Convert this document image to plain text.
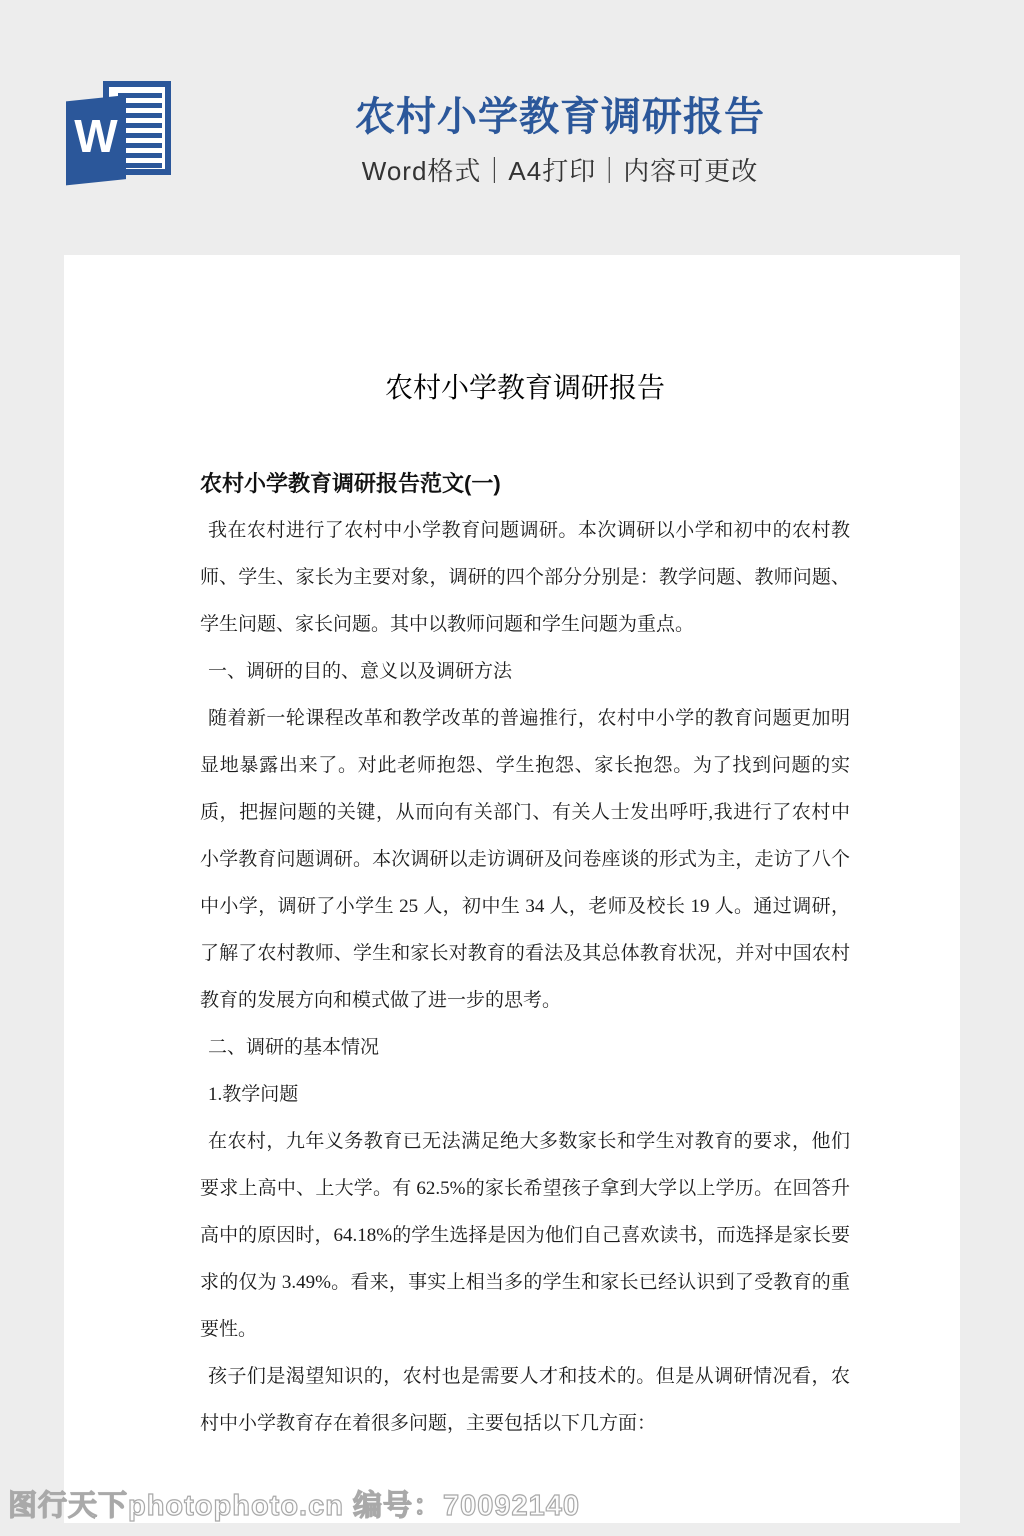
W	农村小学教育调研报告
Word格式｜A4打印｜内容可更改
农村小学教育调研报告
农村小学教育调研报告范文(一)

我在农村进行了农村中小学教育问题调研。本次调研以小学和初中的农村教师、学生、家长为主要对象，调研的四个部分分别是：教学问题、教师问题、学生问题、家长问题。其中以教师问题和学生问题为重点。

一、调研的目的、意义以及调研方法

随着新一轮课程改革和教学改革的普遍推行，农村中小学的教育问题更加明显地暴露出来了。对此老师抱怨、学生抱怨、家长抱怨。为了找到问题的实质，把握问题的关键，从而向有关部门、有关人士发出呼吁,我进行了农村中小学教育问题调研。本次调研以走访调研及问卷座谈的形式为主，走访了八个中小学，调研了小学生 25 人，初中生 34 人，老师及校长 19 人。通过调研，了解了农村教师、学生和家长对教育的看法及其总体教育状况，并对中国农村教育的发展方向和模式做了进一步的思考。

二、调研的基本情况

1.教学问题

在农村，九年义务教育已无法满足绝大多数家长和学生对教育的要求，他们要求上高中、上大学。有 62.5%的家长希望孩子拿到大学以上学历。在回答升高中的原因时，64.18%的学生选择是因为他们自己喜欢读书，而选择是家长要求的仅为 3.49%。看来，事实上相当多的学生和家长已经认识到了受教育的重要性。

孩子们是渴望知识的，农村也是需要人才和技术的。但是从调研情况看，农村中小学教育存在着很多问题，主要包括以下几方面：

图行天下photophoto.cn 编号：70092140
